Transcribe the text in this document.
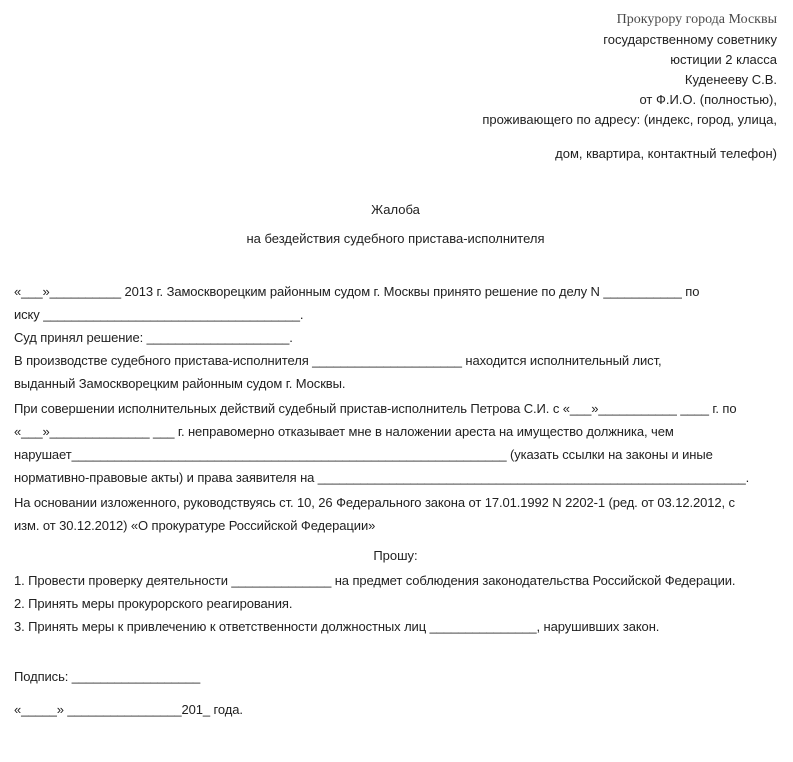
Прокурору города Москвы
государственному советнику
юстиции 2 класса
Куденееву С.В.
от Ф.И.О. (полностью),
проживающего по адресу: (индекс, город, улица,
дом, квартира, контактный телефон)
Жалоба
на бездействия судебного пристава-исполнителя
«___»__________ 2013 г. Замоскворецким районным судом г. Москвы принято решение по делу N ___________ по
иску ____________________________________.
Суд принял решение: ____________________.
В производстве судебного пристава-исполнителя _____________________ находится исполнительный лист,
выданный Замоскворецким районным судом г. Москвы.
При совершении исполнительных действий судебный пристав-исполнитель Петрова С.И. с «___»___________ ____ г. по
«___»______________ ___ г. неправомерно отказывает мне в наложении ареста на имущество должника, чем
нарушает_____________________________________________________________ (указать ссылки на законы и иные
нормативно-правовые акты) и права заявителя на ____________________________________________________________.
На основании изложенного, руководствуясь ст. 10, 26 Федерального закона от 17.01.1992 N 2202-1 (ред. от 03.12.2012, с
изм. от 30.12.2012) «О прокуратуре Российской Федерации»
Прошу:
1. Провести проверку деятельности ______________ на предмет соблюдения законодательства Российской Федерации.
2. Принять меры прокурорского реагирования.
3. Принять меры к привлечению к ответственности должностных лиц _______________, нарушивших закон.
Подпись: __________________
«_____» ________________201_ года.
